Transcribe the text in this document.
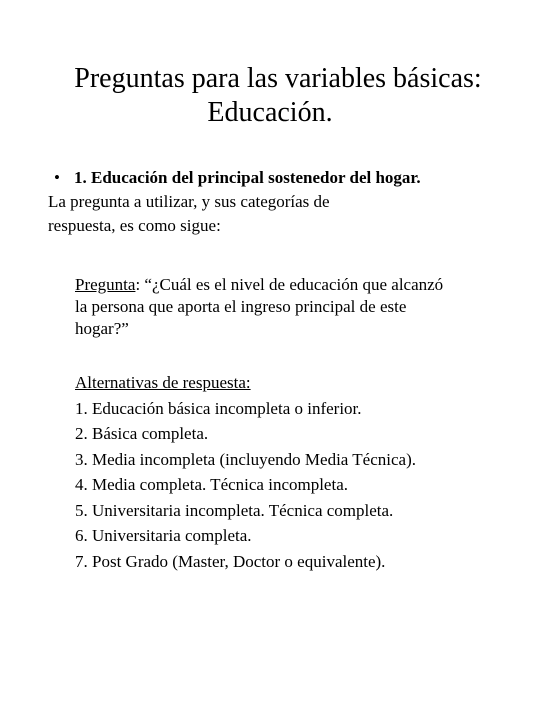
Preguntas para las variables básicas:
Educación.
• 1. Educación del principal sostenedor del hogar.
La pregunta a utilizar, y sus categorías de
respuesta, es como sigue:
Pregunta: “¿Cuál es el nivel de educación que alcanzó
la persona que aporta el ingreso principal de este
hogar?”
Alternativas de respuesta:
1. Educación básica incompleta o inferior.
2. Básica completa.
3. Media incompleta (incluyendo Media Técnica).
4. Media completa. Técnica incompleta.
5. Universitaria incompleta. Técnica completa.
6. Universitaria completa.
7. Post Grado (Master, Doctor o equivalente).
